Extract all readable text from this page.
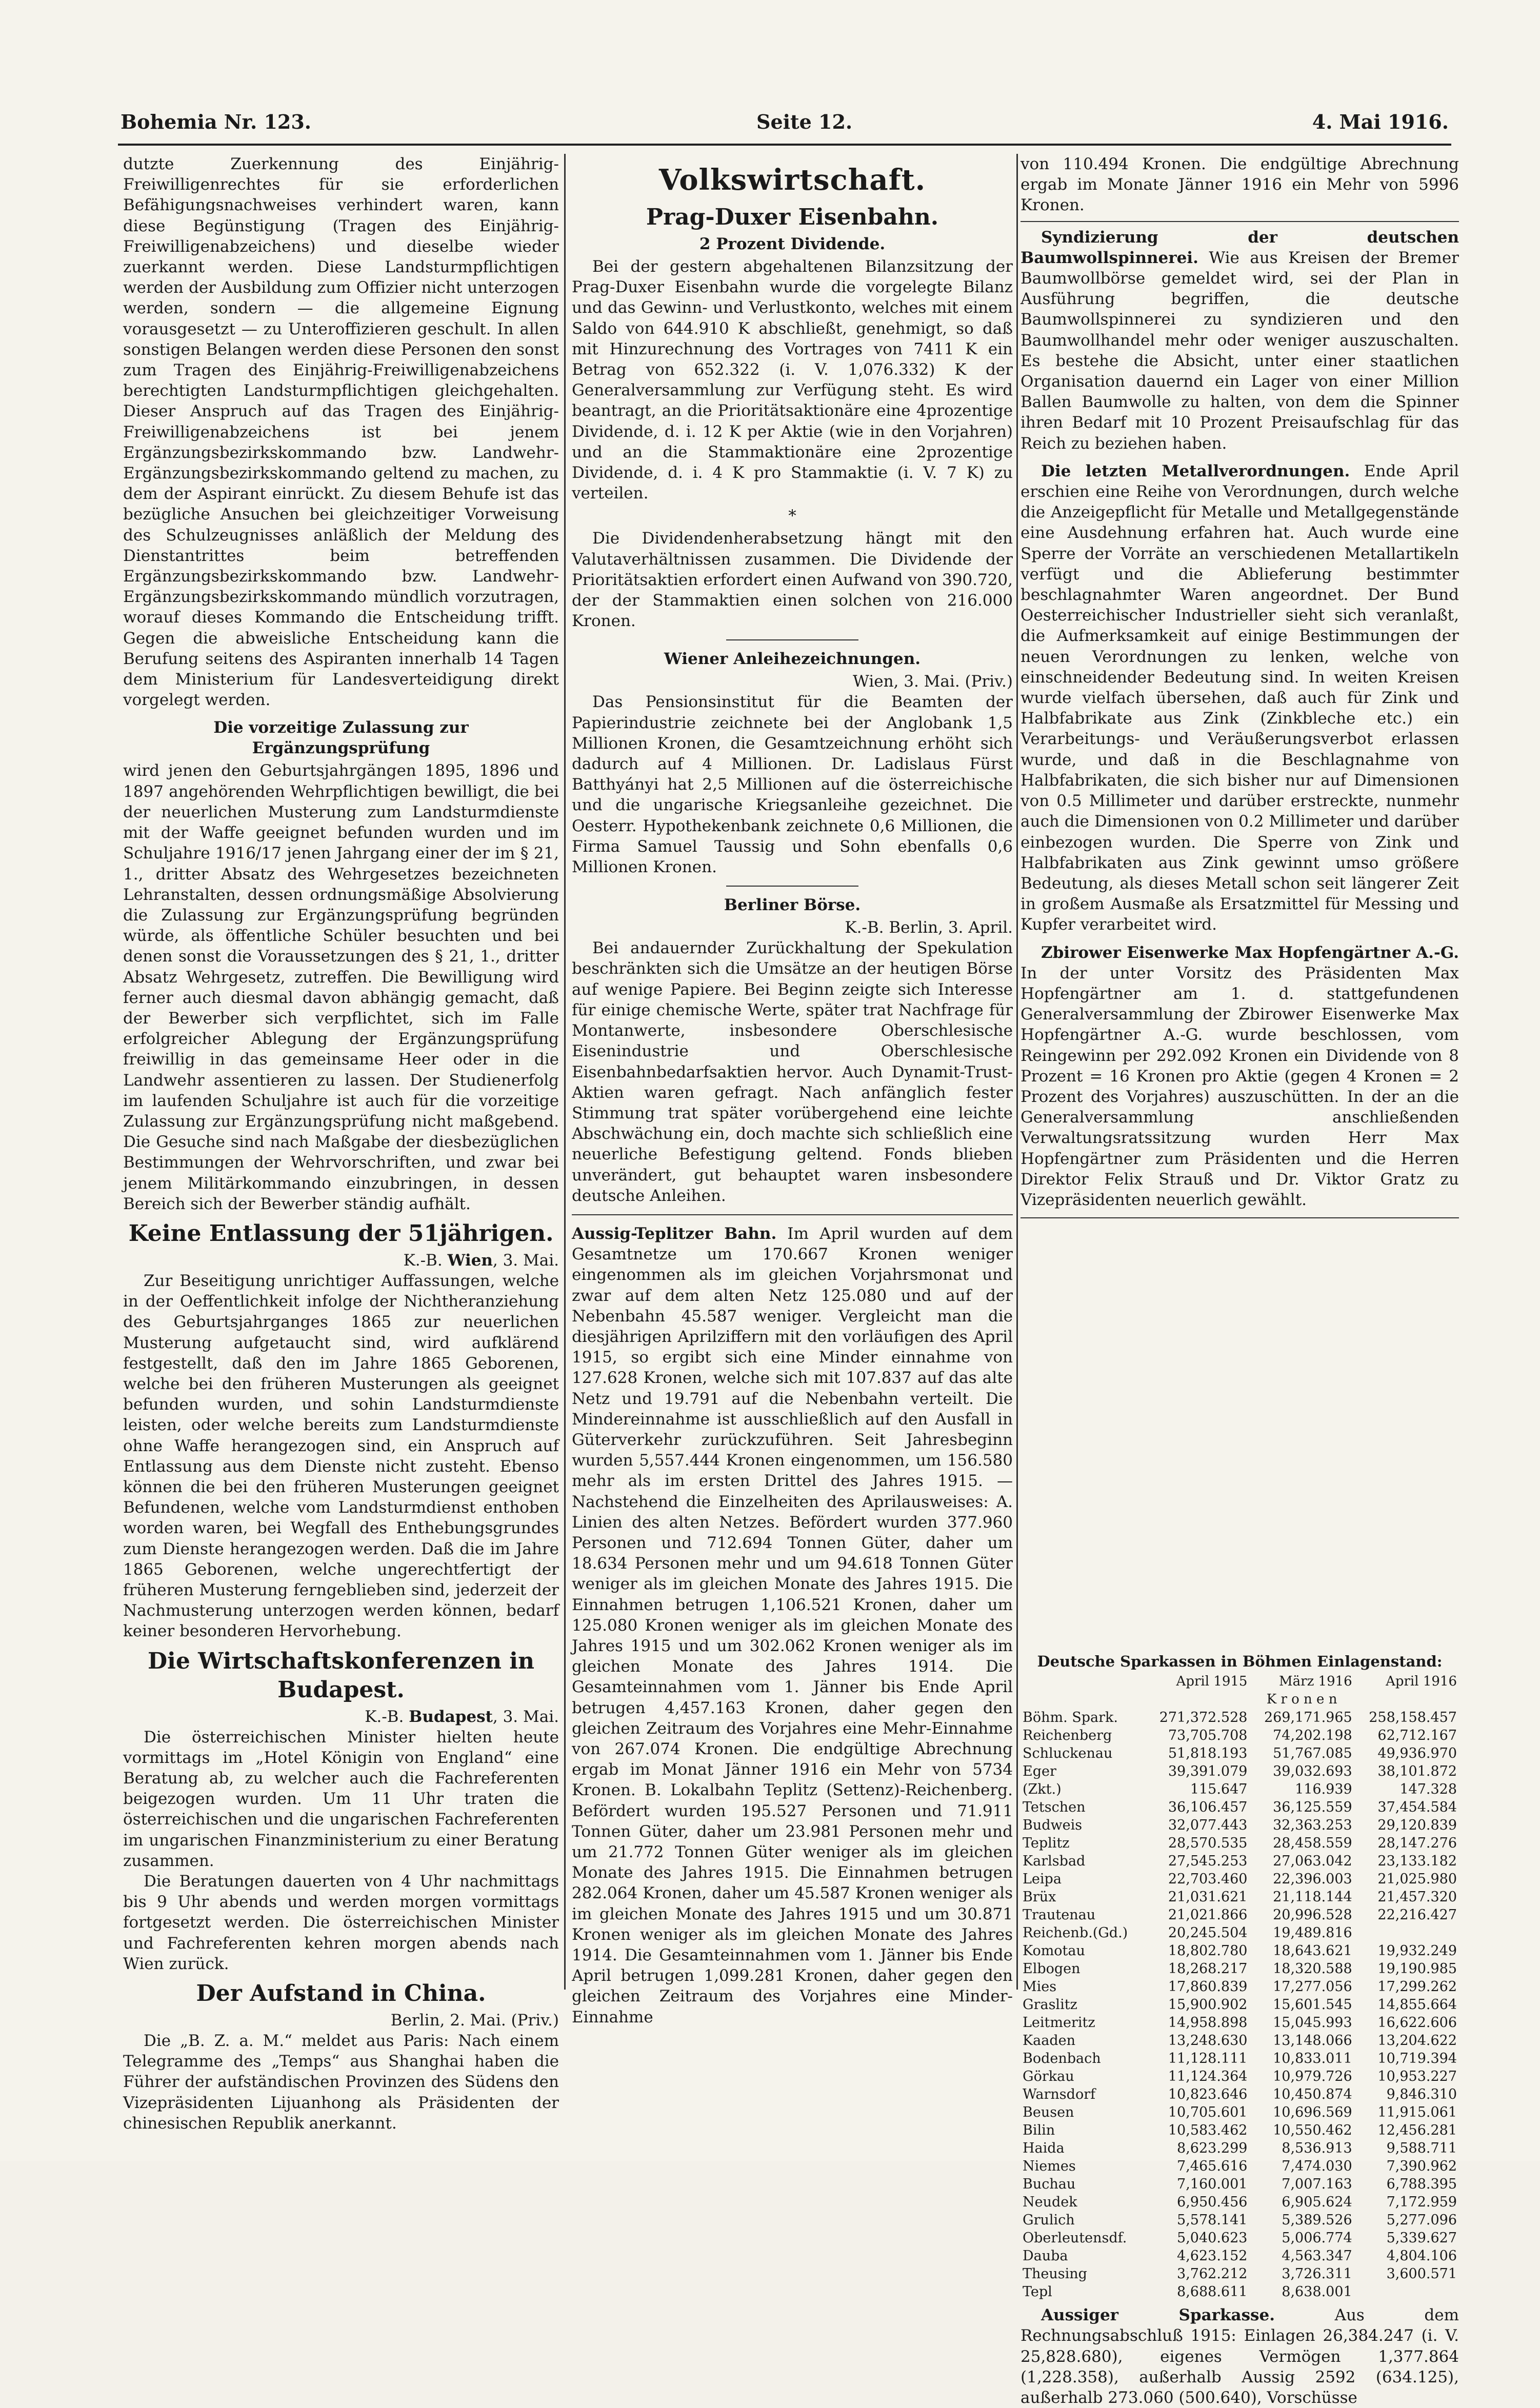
Bohemia Nr. 123.	Seite 12.	4. Mai 1916.

dutzte Zuerkennung des Einjährig-Freiwilligenrechtes für sie erforderlichen Befähigungsnachweises verhindert waren, kann diese Begünstigung (Tragen des Einjährig-Freiwilligenabzeichens) und dieselbe wieder zuerkannt werden. Diese Landsturmpflichtigen werden der Ausbildung zum Offizier nicht unterzogen werden, sondern — die allgemeine Eignung vorausgesetzt — zu Unteroffizieren geschult. In allen sonstigen Belangen werden diese Personen den sonst zum Tragen des Einjährig-Freiwilligenabzeichens berechtigten Landsturmpflichtigen gleichgehalten. Dieser Anspruch auf das Tragen des Einjährig-Freiwilligenabzeichens ist bei jenem Ergänzungsbezirkskommando bzw. Landwehr-Ergänzungsbezirkskommando geltend zu machen, zu dem der Aspirant einrückt. Zu diesem Behufe ist das bezügliche Ansuchen bei gleichzeitiger Vorweisung des Schulzeugnisses anläßlich der Meldung des Dienstantrittes beim betreffenden Ergänzungsbezirkskommando bzw. Landwehr-Ergänzungsbezirkskommando mündlich vorzutragen, worauf dieses Kommando die Entscheidung trifft. Gegen die abweisliche Entscheidung kann die Berufung seitens des Aspiranten innerhalb 14 Tagen dem Ministerium für Landesverteidigung direkt vorgelegt werden.

Die vorzeitige Zulassung zur Ergänzungsprüfung

wird jenen den Geburtsjahrgängen 1895, 1896 und 1897 angehörenden Wehrpflichtigen bewilligt, die bei der neuerlichen Musterung zum Landsturmdienste mit der Waffe geeignet befunden wurden und im Schuljahre 1916/17 jenen Jahrgang einer der im § 21, 1., dritter Absatz des Wehrgesetzes bezeichneten Lehranstalten, dessen ordnungsmäßige Absolvierung die Zulassung zur Ergänzungsprüfung begründen würde, als öffentliche Schüler besuchten und bei denen sonst die Voraussetzungen des § 21, 1., dritter Absatz Wehrgesetz, zutreffen. Die Bewilligung wird ferner auch diesmal davon abhängig gemacht, daß der Bewerber sich verpflichtet, sich im Falle erfolgreicher Ablegung der Ergänzungsprüfung freiwillig in das gemeinsame Heer oder in die Landwehr assentieren zu lassen. Der Studienerfolg im laufenden Schuljahre ist auch für die vorzeitige Zulassung zur Ergänzungsprüfung nicht maßgebend. Die Gesuche sind nach Maßgabe der diesbezüglichen Bestimmungen der Wehrvorschriften, und zwar bei jenem Militärkommando einzubringen, in dessen Bereich sich der Bewerber ständig aufhält.

Keine Entlassung der 51jährigen.

K.-B. Wien, 3. Mai.

Zur Beseitigung unrichtiger Auffassungen, welche in der Oeffentlichkeit infolge der Nichtheranziehung des Geburtsjahrganges 1865 zur neuerlichen Musterung aufgetaucht sind, wird aufklärend festgestellt, daß den im Jahre 1865 Geborenen, welche bei den früheren Musterungen als geeignet befunden wurden, und sohin Landsturmdienste leisten, oder welche bereits zum Landsturmdienste ohne Waffe herangezogen sind, ein Anspruch auf Entlassung aus dem Dienste nicht zusteht. Ebenso können die bei den früheren Musterungen geeignet Befundenen, welche vom Landsturmdienst enthoben worden waren, bei Wegfall des Enthebungsgrundes zum Dienste herangezogen werden. Daß die im Jahre 1865 Geborenen, welche ungerechtfertigt der früheren Musterung ferngeblieben sind, jederzeit der Nachmusterung unterzogen werden können, bedarf keiner besonderen Hervorhebung.

Die Wirtschaftskonferenzen in Budapest.

K.-B. Budapest, 3. Mai.

Die österreichischen Minister hielten heute vormittags im „Hotel Königin von England“ eine Beratung ab, zu welcher auch die Fachreferenten beigezogen wurden. Um 11 Uhr traten die österreichischen und die ungarischen Fachreferenten im ungarischen Finanzministerium zu einer Beratung zusammen.

Die Beratungen dauerten von 4 Uhr nachmittags bis 9 Uhr abends und werden morgen vormittags fortgesetzt werden. Die österreichischen Minister und Fachreferenten kehren morgen abends nach Wien zurück.

Der Aufstand in China.

Berlin, 2. Mai. (Priv.)

Die „B. Z. a. M.“ meldet aus Paris: Nach einem Telegramme des „Temps“ aus Shanghai haben die Führer der aufständischen Provinzen des Südens den Vizepräsidenten Lijuanhong als Präsidenten der chinesischen Republik anerkannt.

Volkswirtschaft.
Prag-Duxer Eisenbahn.
2 Prozent Dividende.

Bei der gestern abgehaltenen Bilanzsitzung der Prag-Duxer Eisenbahn wurde die vorgelegte Bilanz und das Gewinn- und Verlustkonto, welches mit einem Saldo von 644.910 K abschließt, genehmigt, so daß mit Hinzurechnung des Vortrages von 7411 K ein Betrag von 652.322 (i. V. 1,076.332) K der Generalversammlung zur Verfügung steht. Es wird beantragt, an die Prioritätsaktionäre eine 4prozentige Dividende, d. i. 12 K per Aktie (wie in den Vorjahren) und an die Stammaktionäre eine 2prozentige Dividende, d. i. 4 K pro Stammaktie (i. V. 7 K) zu verteilen.

*

Die Dividendenherabsetzung hängt mit den Valutaverhältnissen zusammen. Die Dividende der Prioritätsaktien erfordert einen Aufwand von 390.720, der der Stammaktien einen solchen von 216.000 Kronen.

Wiener Anleihezeichnungen.

Wien, 3. Mai. (Priv.)

Das Pensionsinstitut für die Beamten der Papierindustrie zeichnete bei der Anglobank 1,5 Millionen Kronen, die Gesamtzeichnung erhöht sich dadurch auf 4 Millionen. Dr. Ladislaus Fürst Batthyányi hat 2,5 Millionen auf die österreichische und die ungarische Kriegsanleihe gezeichnet. Die Oesterr. Hypothekenbank zeichnete 0,6 Millionen, die Firma Samuel Taussig und Sohn ebenfalls 0,6 Millionen Kronen.

Berliner Börse.

K.-B. Berlin, 3. April.

Bei andauernder Zurückhaltung der Spekulation beschränkten sich die Umsätze an der heutigen Börse auf wenige Papiere. Bei Beginn zeigte sich Interesse für einige chemische Werte, später trat Nachfrage für Montanwerte, insbesondere Oberschlesische Eisenindustrie und Oberschlesische Eisenbahnbedarfsaktien hervor. Auch Dynamit-Trust-Aktien waren gefragt. Nach anfänglich fester Stimmung trat später vorübergehend eine leichte Abschwächung ein, doch machte sich schließlich eine neuerliche Befestigung geltend. Fonds blieben unverändert, gut behauptet waren insbesondere deutsche Anleihen.

Aussig-Teplitzer Bahn. Im April wurden auf dem Gesamtnetze um 170.667 Kronen weniger eingenommen als im gleichen Vorjahrsmonat und zwar auf dem alten Netz 125.080 und auf der Nebenbahn 45.587 weniger. Vergleicht man die diesjährigen Aprilziffern mit den vorläufigen des April 1915, so ergibt sich eine Minder einnahme von 127.628 Kronen, welche sich mit 107.837 auf das alte Netz und 19.791 auf die Nebenbahn verteilt. Die Mindereinnahme ist ausschließlich auf den Ausfall in Güterverkehr zurückzuführen. Seit Jahresbeginn wurden 5,557.444 Kronen eingenommen, um 156.580 mehr als im ersten Drittel des Jahres 1915. — Nachstehend die Einzelheiten des Aprilausweises: A. Linien des alten Netzes. Befördert wurden 377.960 Personen und 712.694 Tonnen Güter, daher um 18.634 Personen mehr und um 94.618 Tonnen Güter weniger als im gleichen Monate des Jahres 1915. Die Einnahmen betrugen 1,106.521 Kronen, daher um 125.080 Kronen weniger als im gleichen Monate des Jahres 1915 und um 302.062 Kronen weniger als im gleichen Monate des Jahres 1914. Die Gesamteinnahmen vom 1. Jänner bis Ende April betrugen 4,457.163 Kronen, daher gegen den gleichen Zeitraum des Vorjahres eine Mehr-Einnahme von 267.074 Kronen. Die endgültige Abrechnung ergab im Monat Jänner 1916 ein Mehr von 5734 Kronen. B. Lokalbahn Teplitz (Settenz)-Reichenberg. Befördert wurden 195.527 Personen und 71.911 Tonnen Güter, daher um 23.981 Personen mehr und um 21.772 Tonnen Güter weniger als im gleichen Monate des Jahres 1915. Die Einnahmen betrugen 282.064 Kronen, daher um 45.587 Kronen weniger als im gleichen Monate des Jahres 1915 und um 30.871 Kronen weniger als im gleichen Monate des Jahres 1914. Die Gesamteinnahmen vom 1. Jänner bis Ende April betrugen 1,099.281 Kronen, daher gegen den gleichen Zeitraum des Vorjahres eine Minder-Einnahme

von 110.494 Kronen. Die endgültige Abrechnung ergab im Monate Jänner 1916 ein Mehr von 5996 Kronen.

Syndizierung der deutschen Baumwollspinnerei. Wie aus Kreisen der Bremer Baumwollbörse gemeldet wird, sei der Plan in Ausführung begriffen, die deutsche Baumwollspinnerei zu syndizieren und den Baumwollhandel mehr oder weniger auszuschalten. Es bestehe die Absicht, unter einer staatlichen Organisation dauernd ein Lager von einer Million Ballen Baumwolle zu halten, von dem die Spinner ihren Bedarf mit 10 Prozent Preisaufschlag für das Reich zu beziehen haben.

Die letzten Metallverordnungen. Ende April erschien eine Reihe von Verordnungen, durch welche die Anzeigepflicht für Metalle und Metallgegenstände eine Ausdehnung erfahren hat. Auch wurde eine Sperre der Vorräte an verschiedenen Metallartikeln verfügt und die Ablieferung bestimmter beschlagnahmter Waren angeordnet. Der Bund Oesterreichischer Industrieller sieht sich veranlaßt, die Aufmerksamkeit auf einige Bestimmungen der neuen Verordnungen zu lenken, welche von einschneidender Bedeutung sind. In weiten Kreisen wurde vielfach übersehen, daß auch für Zink und Halbfabrikate aus Zink (Zinkbleche etc.) ein Verarbeitungs- und Veräußerungsverbot erlassen wurde, und daß in die Beschlagnahme von Halbfabrikaten, die sich bisher nur auf Dimensionen von 0.5 Millimeter und darüber erstreckte, nunmehr auch die Dimensionen von 0.2 Millimeter und darüber einbezogen wurden. Die Sperre von Zink und Halbfabrikaten aus Zink gewinnt umso größere Bedeutung, als dieses Metall schon seit längerer Zeit in großem Ausmaße als Ersatzmittel für Messing und Kupfer verarbeitet wird.

Zbirower Eisenwerke Max Hopfengärtner A.-G. In der unter Vorsitz des Präsidenten Max Hopfengärtner am 1. d. stattgefundenen Generalversammlung der Zbirower Eisenwerke Max Hopfengärtner A.-G. wurde beschlossen, vom Reingewinn per 292.092 Kronen ein Dividende von 8 Prozent = 16 Kronen pro Aktie (gegen 4 Kronen = 2 Prozent des Vorjahres) auszuschütten. In der an die Generalversammlung anschließenden Verwaltungsratssitzung wurden Herr Max Hopfengärtner zum Präsidenten und die Herren Direktor Felix Strauß und Dr. Viktor Gratz zu Vizepräsidenten neuerlich gewählt.

Deutsche Sparkassen in Böhmen Einlagenstand:
	April 1915	März 1916	April 1916
	K r o n e n		
Böhm. Spark.	271,372.528	269,171.965	258,158.457
Reichenberg	73,705.708	74,202.198	62,712.167
Schluckenau	51,818.193	51,767.085	49,936.970
Eger	39,391.079	39,032.693	38,101.872
(Zkt.)	115.647	116.939	147.328
Tetschen	36,106.457	36,125.559	37,454.584
Budweis	32,077.443	32,363.253	29,120.839
Teplitz	28,570.535	28,458.559	28,147.276
Karlsbad	27,545.253	27,063.042	23,133.182
Leipa	22,703.460	22,396.003	21,025.980
Brüx	21,031.621	21,118.144	21,457.320
Trautenau	21,021.866	20,996.528	22,216.427
Reichenb.(Gd.)	20,245.504	19,489.816	
Komotau	18,802.780	18,643.621	19,932.249
Elbogen	18,268.217	18,320.588	19,190.985
Mies	17,860.839	17,277.056	17,299.262
Graslitz	15,900.902	15,601.545	14,855.664
Leitmeritz	14,958.898	15,045.993	16,622.606
Kaaden	13,248.630	13,148.066	13,204.622
Bodenbach	11,128.111	10,833.011	10,719.394
Görkau	11,124.364	10,979.726	10,953.227
Warnsdorf	10,823.646	10,450.874	9,846.310
Beusen	10,705.601	10,696.569	11,915.061
Bilin	10,583.462	10,550.462	12,456.281
Haida	8,623.299	8,536.913	9,588.711
Niemes	7,465.616	7,474.030	7,390.962
Buchau	7,160.001	7,007.163	6,788.395
Neudek	6,950.456	6,905.624	7,172.959
Grulich	5,578.141	5,389.526	5,277.096
Oberleutensdf.	5,040.623	5,006.774	5,339.627
Dauba	4,623.152	4,563.347	4,804.106
Theusing	3,762.212	3,726.311	3,600.571
Tepl	8,688.611	8,638.001	

Aussiger Sparkasse. Aus dem Rechnungsabschluß 1915: Einlagen 26,384.247 (i. V. 25,828.680), eigenes Vermögen 1,377.864 (1,228.358), außerhalb Aussig 2592 (634.125), außerhalb 273.060 (500.640), Vorschüsse
